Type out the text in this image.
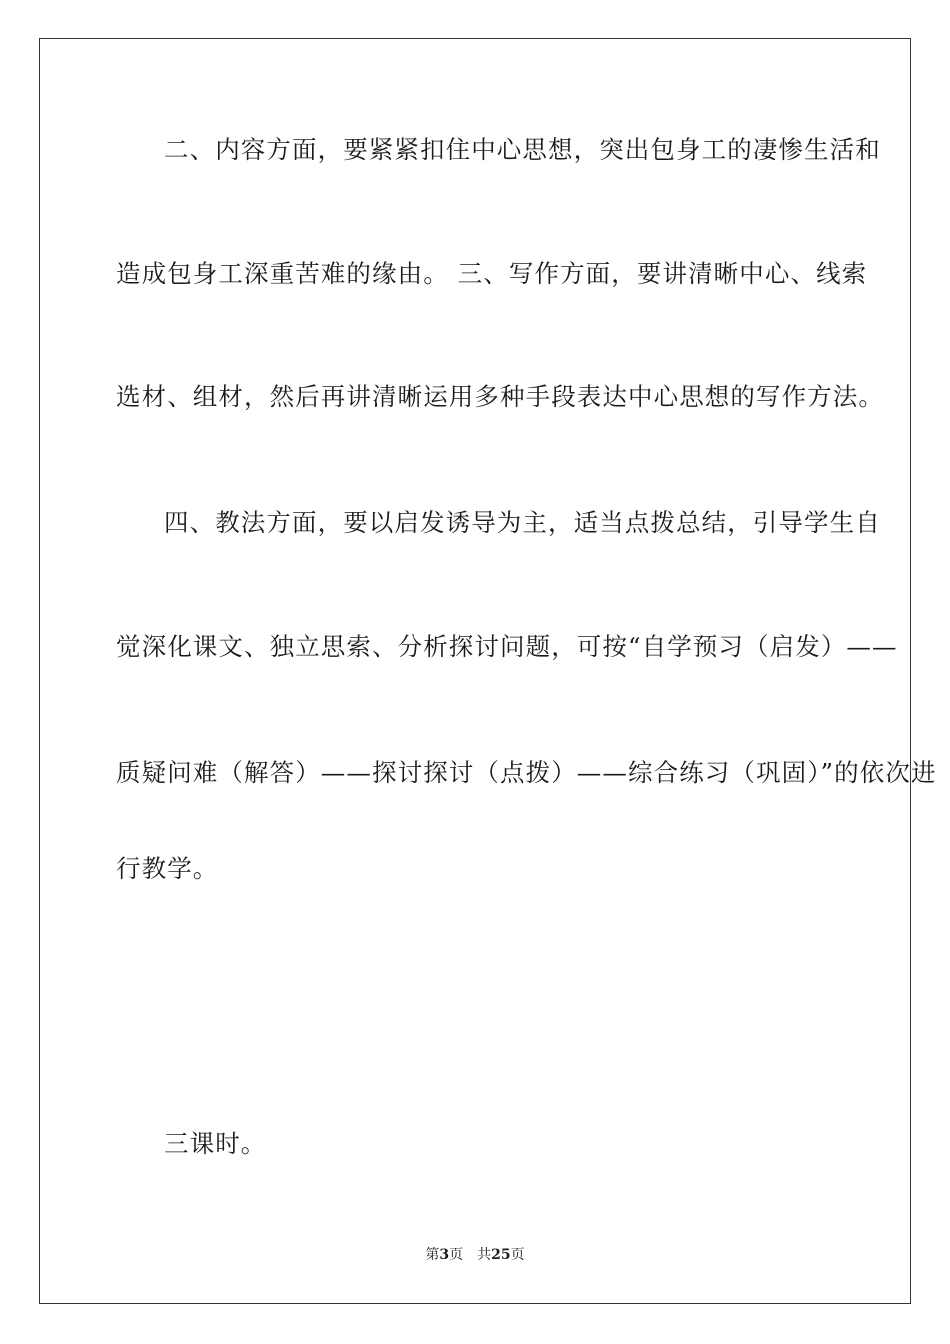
二、内容方面，要紧紧扣住中心思想，突出包身工的凄惨生活和
造成包身工深重苦难的缘由。 三、写作方面，要讲清晰中心、线索
选材、组材，然后再讲清晰运用多种手段表达中心思想的写作方法。
四、教法方面，要以启发诱导为主，适当点拨总结，引导学生自
觉深化课文、独立思索、分析探讨问题，可按“自学预习（启发）——
质疑问难（解答）——探讨探讨（点拨）——综合练习（巩固）”的依次进
行教学。
三课时。
第3页 共25页
